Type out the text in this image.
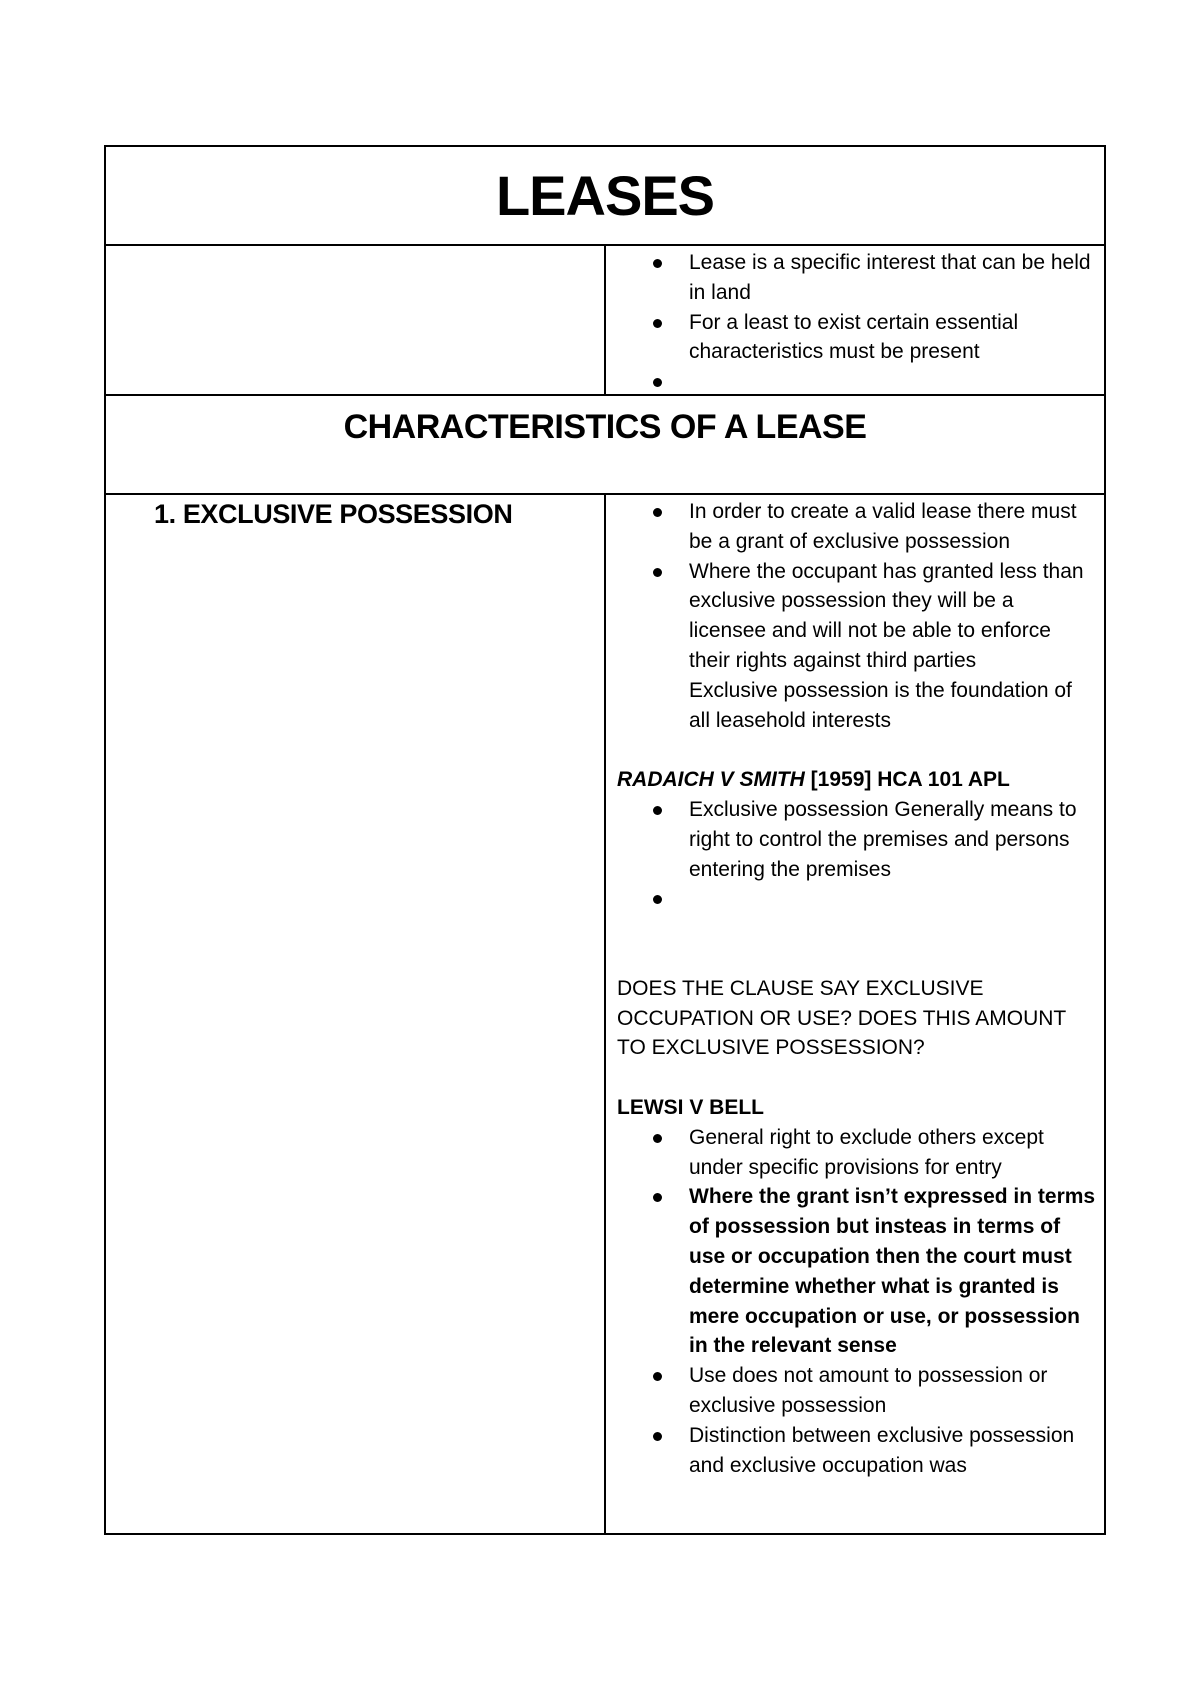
LEASES
Lease is a specific interest that can be held in land
For a least to exist certain essential characteristics must be present

CHARACTERISTICS OF A LEASE
1. EXCLUSIVE POSSESSION	In order to create a valid lease there must be a grant of exclusive possession
Where the occupant has granted less than exclusive possession they will be a licensee and will not be able to enforce their rights against third parties

Exclusive possession is the foundation of all leasehold interests

RADAICH V SMITH [1959] HCA 101 APL

Exclusive possession Generally means to right to control the premises and persons entering the premises

DOES THE CLAUSE SAY EXCLUSIVE OCCUPATION OR USE? DOES THIS AMOUNT TO EXCLUSIVE POSSESSION?

LEWSI V BELL

General right to exclude others except under specific provisions for entry
Where the grant isn’t expressed in terms of possession but insteas in terms of use or occupation then the court must determine whether what is granted is mere occupation or use, or possession in the relevant sense
Use does not amount to possession or exclusive possession
Distinction between exclusive possession and exclusive occupation was
